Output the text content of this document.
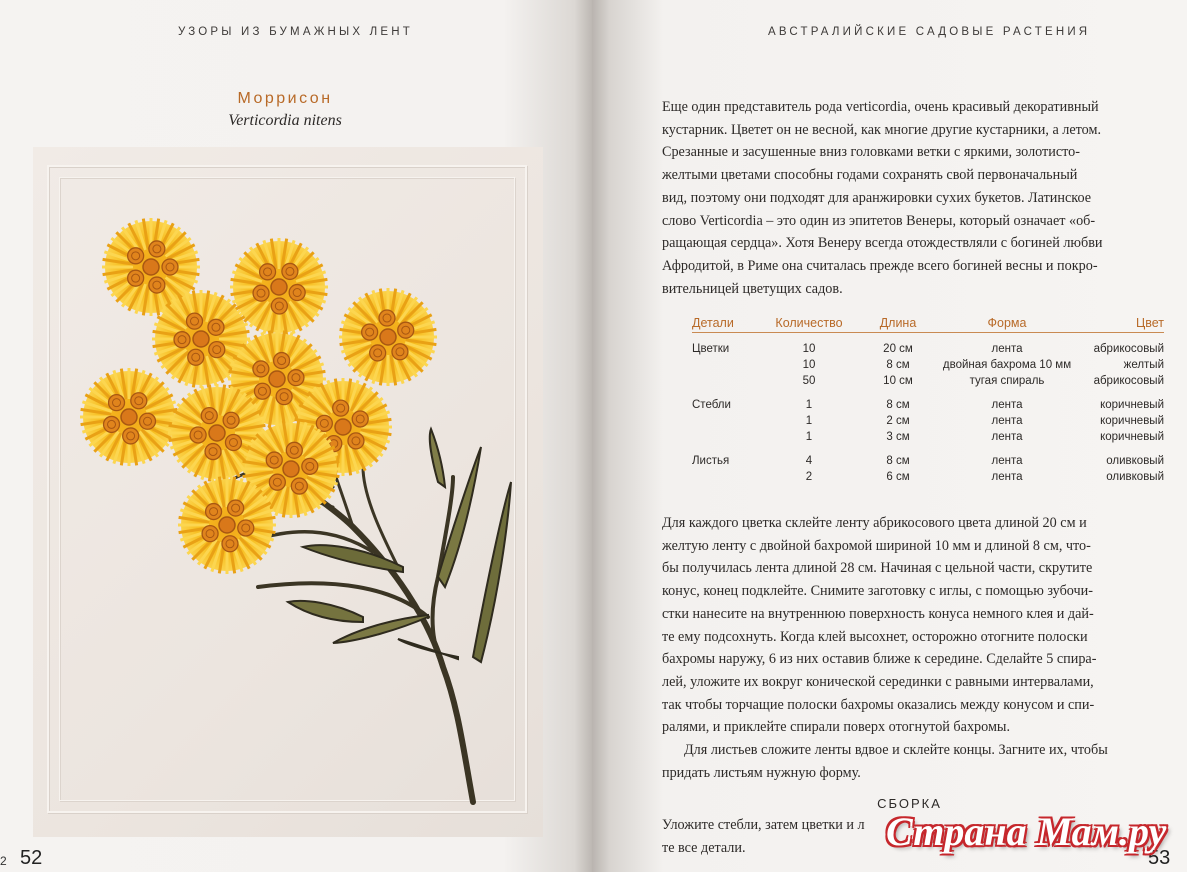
УЗОРЫ ИЗ БУМАЖНЫХ ЛЕНТ
Моррисон
Verticordia nitens
2 52
АВСТРАЛИЙСКИЕ САДОВЫЕ РАСТЕНИЯ

Еще один представитель рода verticordia, очень красивый декоративный

кустарник. Цветет он не весной, как многие другие кустарники, а летом.

Срезанные и засушенные вниз головками ветки с яркими, золотисто-

желтыми цветами способны годами сохранять свой первоначальный

вид, поэтому они подходят для аранжировки сухих букетов. Латинское

слово Verticordia – это один из эпитетов Венеры, который означает «об-

ращающая сердца». Хотя Венеру всегда отождествляли с богиней любви

Афродитой, в Риме она считалась прежде всего богиней весны и покро-

вительницей цветущих садов.

Детали	Количество	Длина	Форма	Цвет

Цветки	10	20 см	лента	абрикосовый
	10	8 см	двойная бахрома 10 мм	желтый
	50	10 см	тугая спираль	абрикосовый

Стебли	1	8 см	лента	коричневый
	1	2 см	лента	коричневый
	1	3 см	лента	коричневый

Листья	4	8 см	лента	оливковый
	2	6 см	лента	оливковый

Для каждого цветка склейте ленту абрикосового цвета длиной 20 см и

желтую ленту с двойной бахромой шириной 10 мм и длиной 8 см, что-

бы получилась лента длиной 28 см. Начиная с цельной части, скрутите

конус, конец подклейте. Снимите заготовку с иглы, с помощью зубочи-

стки нанесите на внутреннюю поверхность конуса немного клея и дай-

те ему подсохнуть. Когда клей высохнет, осторожно отогните полоски

бахромы наружу, 6 из них оставив ближе к середине. Сделайте 5 спира-

лей, уложите их вокруг конической серединки с равными интервалами,

так чтобы торчащие полоски бахромы оказались между конусом и спи-

ралями, и приклейте спирали поверх отогнутой бахромы.

Для листьев сложите ленты вдвое и склейте концы. Загните их, чтобы

придать листьям нужную форму.

СБОРКА

Уложите стебли, затем цветки и л

те все детали.	53
Страна Мам.ру
